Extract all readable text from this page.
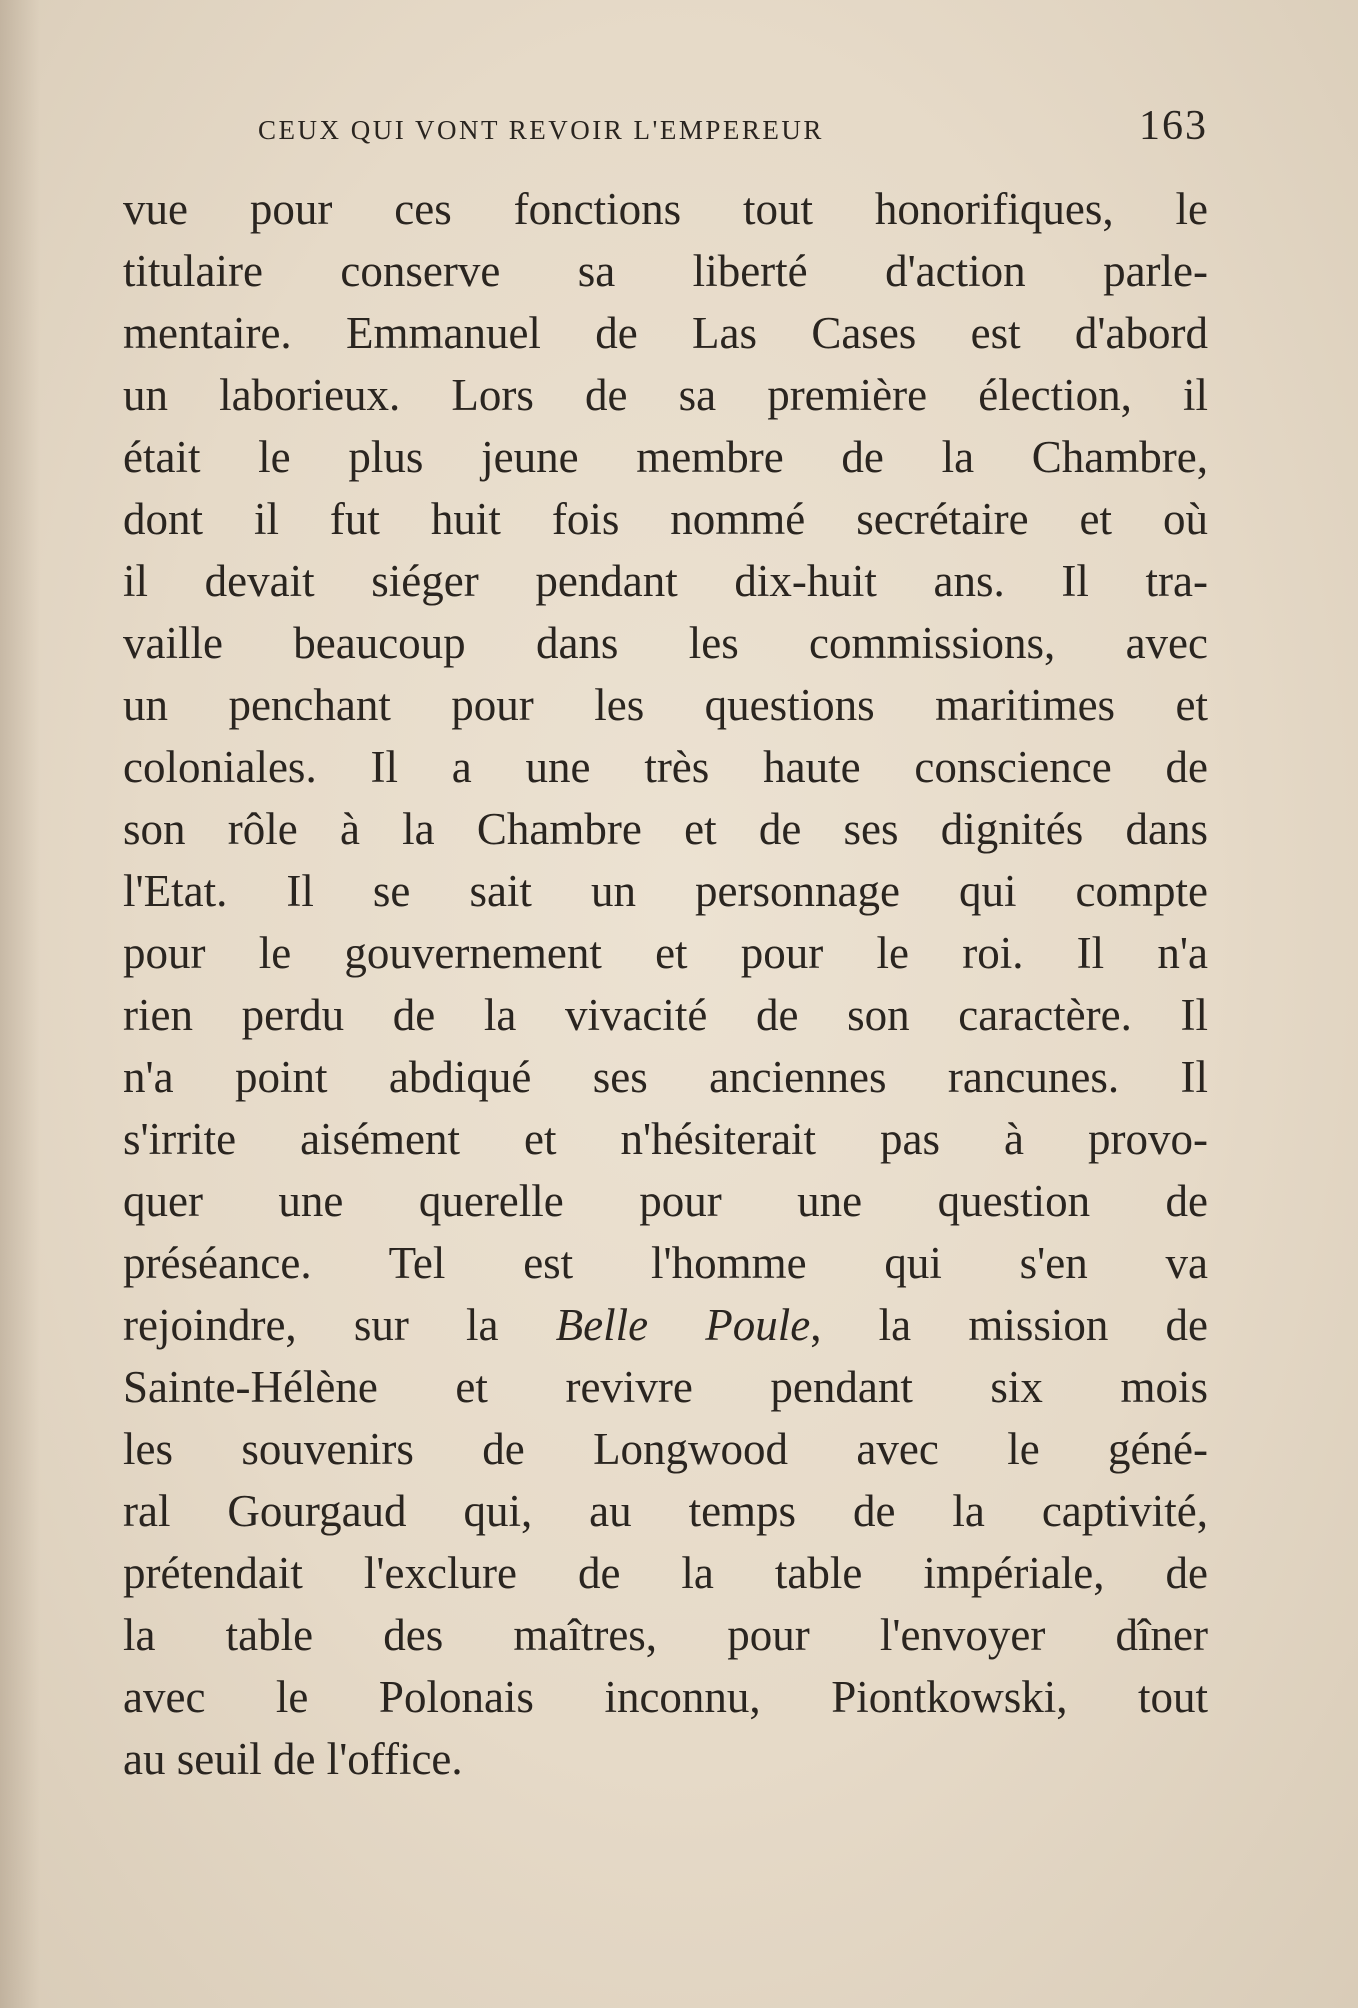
CEUX QUI VONT REVOIR L'EMPEREUR	163
vue pour ces fonctions tout honorifiques, le
titulaire conserve sa liberté d'action parle-
mentaire. Emmanuel de Las Cases est d'abord
un laborieux. Lors de sa première élection, il
était le plus jeune membre de la Chambre,
dont il fut huit fois nommé secrétaire et où
il devait siéger pendant dix-huit ans. Il tra-
vaille beaucoup dans les commissions, avec
un penchant pour les questions maritimes et
coloniales. Il a une très haute conscience de
son rôle à la Chambre et de ses dignités dans
l'Etat. Il se sait un personnage qui compte
pour le gouvernement et pour le roi. Il n'a
rien perdu de la vivacité de son caractère. Il
n'a point abdiqué ses anciennes rancunes. Il
s'irrite aisément et n'hésiterait pas à provo-
quer une querelle pour une question de
préséance. Tel est l'homme qui s'en va
rejoindre, sur la Belle Poule, la mission de
Sainte-Hélène et revivre pendant six mois
les souvenirs de Longwood avec le géné-
ral Gourgaud qui, au temps de la captivité,
prétendait l'exclure de la table impériale, de
la table des maîtres, pour l'envoyer dîner
avec le Polonais inconnu, Piontkowski, tout
au seuil de l'office.
